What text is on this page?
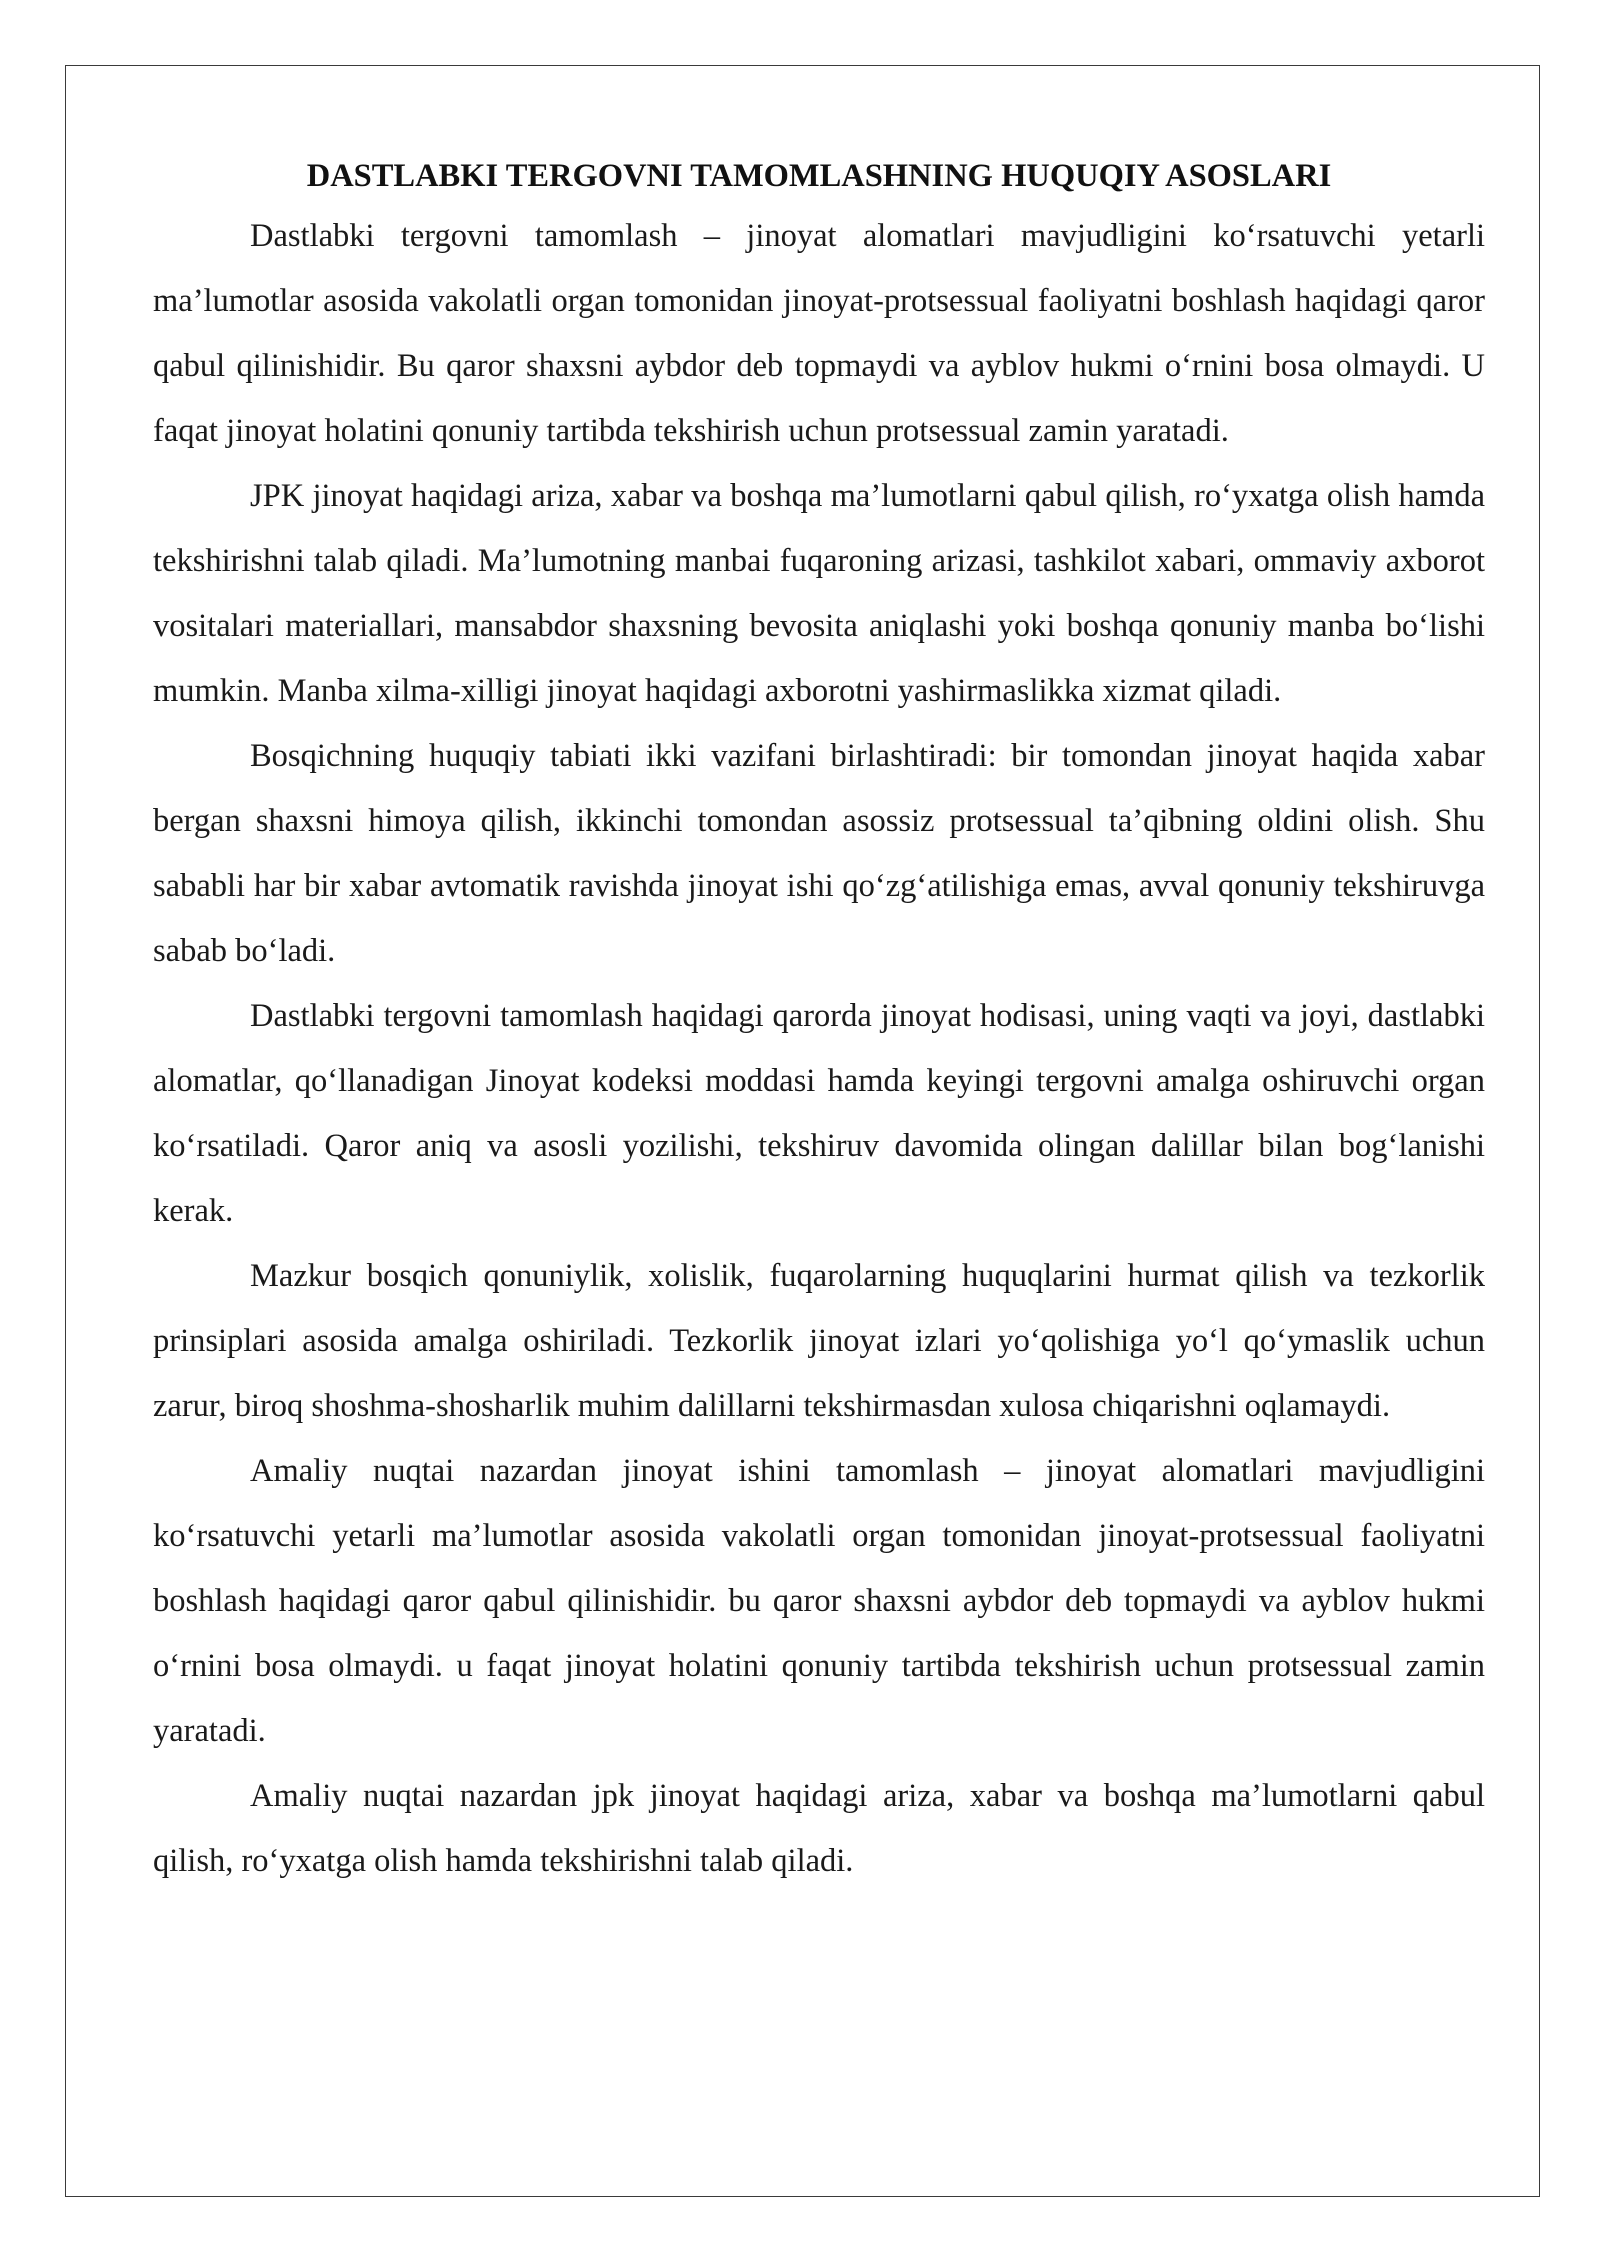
DASTLABKI TERGOVNI TAMOMLASHNING HUQUQIY ASOSLARI

Dastlabki tergovni tamomlash – jinoyat alomatlari mavjudligini ko‘rsatuvchi yetarli ma’lumotlar asosida vakolatli organ tomonidan jinoyat-protsessual faoliyatni boshlash haqidagi qaror qabul qilinishidir. Bu qaror shaxsni aybdor deb topmaydi va ayblov hukmi o‘rnini bosa olmaydi. U faqat jinoyat holatini qonuniy tartibda tekshirish uchun protsessual zamin yaratadi.

JPK jinoyat haqidagi ariza, xabar va boshqa ma’lumotlarni qabul qilish, ro‘yxatga olish hamda tekshirishni talab qiladi. Ma’lumotning manbai fuqaroning arizasi, tashkilot xabari, ommaviy axborot vositalari materiallari, mansabdor shaxsning bevosita aniqlashi yoki boshqa qonuniy manba bo‘lishi mumkin. Manba xilma-xilligi jinoyat haqidagi axborotni yashirmaslikka xizmat qiladi.

Bosqichning huquqiy tabiati ikki vazifani birlashtiradi: bir tomondan jinoyat haqida xabar bergan shaxsni himoya qilish, ikkinchi tomondan asossiz protsessual ta’qibning oldini olish. Shu sababli har bir xabar avtomatik ravishda jinoyat ishi qo‘zg‘atilishiga emas, avval qonuniy tekshiruvga sabab bo‘ladi.

Dastlabki tergovni tamomlash haqidagi qarorda jinoyat hodisasi, uning vaqti va joyi, dastlabki alomatlar, qo‘llanadigan Jinoyat kodeksi moddasi hamda keyingi tergovni amalga oshiruvchi organ ko‘rsatiladi. Qaror aniq va asosli yozilishi, tekshiruv davomida olingan dalillar bilan bog‘lanishi kerak.

Mazkur bosqich qonuniylik, xolislik, fuqarolarning huquqlarini hurmat qilish va tezkorlik prinsiplari asosida amalga oshiriladi. Tezkorlik jinoyat izlari yo‘qolishiga yo‘l qo‘ymaslik uchun zarur, biroq shoshma-shosharlik muhim dalillarni tekshirmasdan xulosa chiqarishni oqlamaydi.

Amaliy nuqtai nazardan jinoyat ishini tamomlash – jinoyat alomatlari mavjudligini ko‘rsatuvchi yetarli ma’lumotlar asosida vakolatli organ tomonidan jinoyat-protsessual faoliyatni boshlash haqidagi qaror qabul qilinishidir. bu qaror shaxsni aybdor deb topmaydi va ayblov hukmi o‘rnini bosa olmaydi. u faqat jinoyat holatini qonuniy tartibda tekshirish uchun protsessual zamin yaratadi.

Amaliy nuqtai nazardan jpk jinoyat haqidagi ariza, xabar va boshqa ma’lumotlarni qabul qilish, ro‘yxatga olish hamda tekshirishni talab qiladi.
